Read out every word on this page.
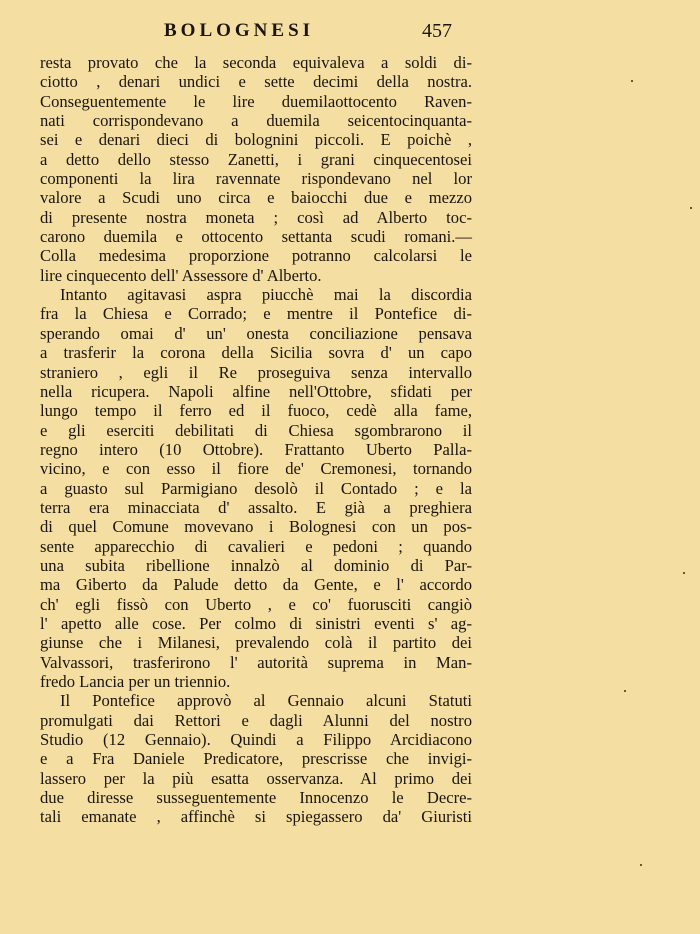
BOLOGNESI	457
resta provato che la seconda equivaleva a soldi di-
ciotto , denari undici e sette decimi della nostra.
Conseguentemente le lire duemilaottocento Raven-
nati corrispondevano a duemila seicentocinquanta-
sei e denari dieci di bolognini piccoli. E poichè ,
a detto dello stesso Zanetti, i grani cinquecentosei
componenti la lira ravennate rispondevano nel lor
valore a Scudi uno circa e baiocchi due e mezzo
di presente nostra moneta ; così ad Alberto toc-
carono duemila e ottocento settanta scudi romani.—
Colla medesima proporzione potranno calcolarsi le
lire cinquecento dell' Assessore d' Alberto.
Intanto agitavasi aspra piucchè mai la discordia
fra la Chiesa e Corrado; e mentre il Pontefice di-
sperando omai d' un' onesta conciliazione pensava
a trasferir la corona della Sicilia sovra d' un capo
straniero , egli il Re proseguiva senza intervallo
nella ricupera. Napoli alfine nell'Ottobre, sfidati per
lungo tempo il ferro ed il fuoco, cedè alla fame,
e gli eserciti debilitati di Chiesa sgombrarono il
regno intero (10 Ottobre). Frattanto Uberto Palla-
vicino, e con esso il fiore de' Cremonesi, tornando
a guasto sul Parmigiano desolò il Contado ; e la
terra era minacciata d' assalto. E già a preghiera
di quel Comune movevano i Bolognesi con un pos-
sente apparecchio di cavalieri e pedoni ; quando
una subita ribellione innalzò al dominio di Par-
ma Giberto da Palude detto da Gente, e l' accordo
ch' egli fissò con Uberto , e co' fuorusciti cangiò
l' apetto alle cose. Per colmo di sinistri eventi s' ag-
giunse che i Milanesi, prevalendo colà il partito dei
Valvassori, trasferirono l' autorità suprema in Man-
fredo Lancia per un triennio.
Il Pontefice approvò al Gennaio alcuni Statuti
promulgati dai Rettori e dagli Alunni del nostro
Studio (12 Gennaio). Quindi a Filippo Arcidiacono
e a Fra Daniele Predicatore, prescrisse che invigi-
lassero per la più esatta osservanza. Al primo dei
due diresse susseguentemente Innocenzo le Decre-
tali emanate , affinchè si spiegassero da' Giuristi
